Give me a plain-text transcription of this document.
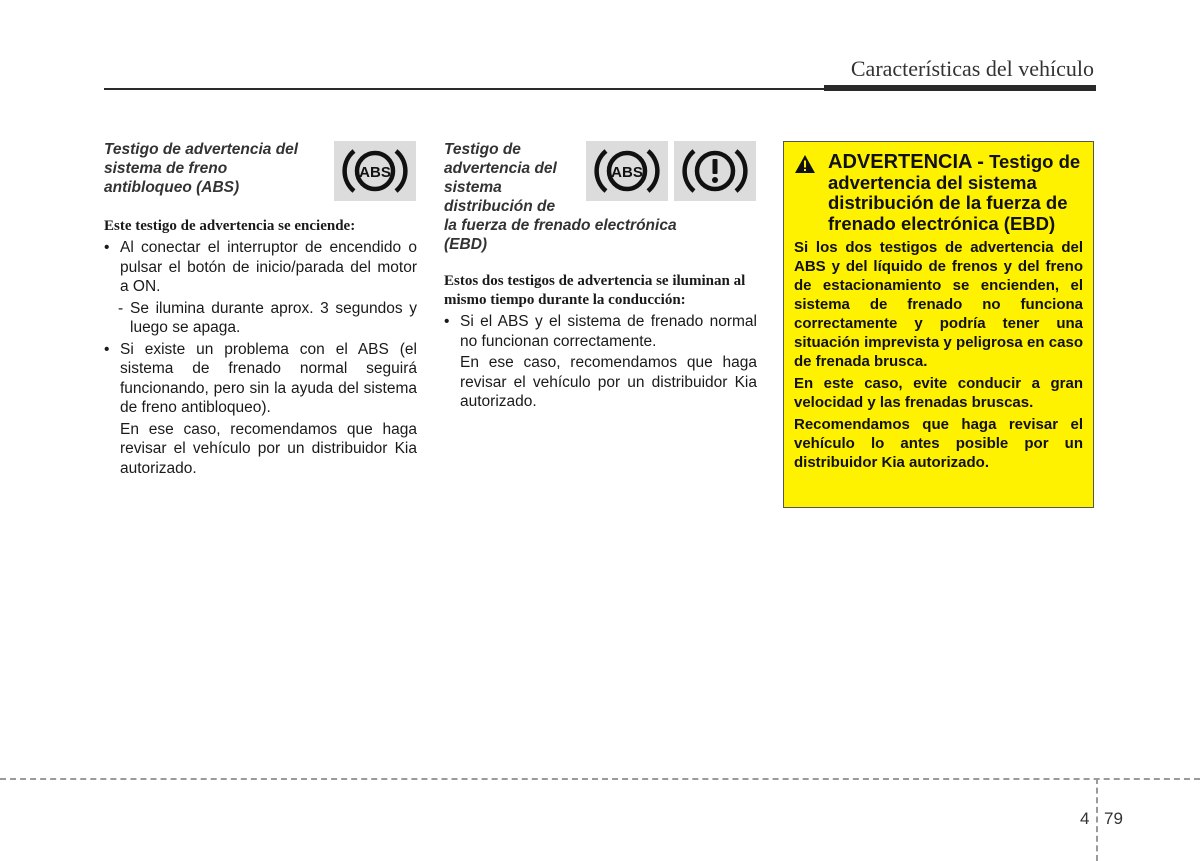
Características del vehículo
Testigo de advertencia del
sistema de freno
antibloqueo (ABS)
ABS
Este testigo de advertencia se enciende:
• Al conectar el interruptor de encendido o pulsar el botón de inicio/parada del motor a ON.
- Se ilumina durante aprox. 3 segundos y luego se apaga.
• Si existe un problema con el ABS (el sistema de frenado normal seguirá funcionando, pero sin la ayuda del sistema de freno antibloqueo).
En ese caso, recomendamos que haga revisar el vehículo por un distribuidor Kia autorizado.
Testigo de
advertencia del
sistema
distribución de
la fuerza de frenado electrónica
(EBD)
ABS
Estos dos testigos de advertencia se iluminan al mismo tiempo durante la conducción:
• Si el ABS y el sistema de frenado normal no funcionan correctamente.
En ese caso, recomendamos que haga revisar el vehículo por un distribuidor Kia autorizado.
ADVERTENCIA - Testigo de advertencia del sistema distribución de la fuerza de frenado electrónica (EBD)

Si los dos testigos de advertencia del ABS y del líquido de frenos y del freno de estacionamiento se encienden, el sistema de frenado no funciona correctamente y podría tener una situación imprevista y peligrosa en caso de frenada brusca.

En este caso, evite conducir a gran velocidad y las frenadas bruscas.

Recomendamos que haga revisar el vehículo lo antes posible por un distribuidor Kia autorizado.

4 79
